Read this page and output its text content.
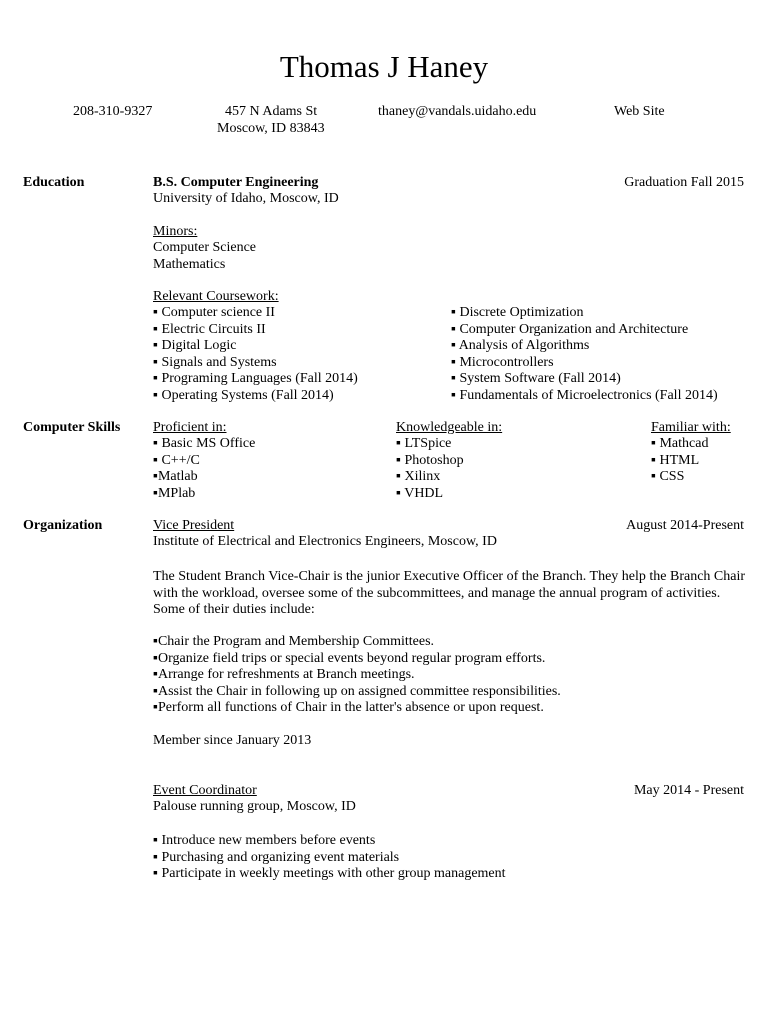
Thomas J Haney
208-310-9327	457 N Adams St
Moscow, ID 83843
thaney@vandals.uidaho.edu	Web Site
Education	B.S. Computer Engineering	Graduation Fall 2015
University of Idaho, Moscow, ID
Minors:
Computer Science
Mathematics
Relevant Coursework:
▪ Computer science II
▪ Electric Circuits II
▪ Digital Logic
▪ Signals and Systems
▪ Programing Languages (Fall 2014)
▪ Operating Systems (Fall 2014)
▪ Discrete Optimization
▪ Computer Organization and Architecture
▪ Analysis of Algorithms
▪ Microcontrollers
▪ System Software (Fall 2014)
▪ Fundamentals of Microelectronics (Fall 2014)
Computer Skills Proficient in:
▪ Basic MS Office
▪ C++/C
▪Matlab
▪MPlab
Knowledgeable in:
▪ LTSpice
▪ Photoshop
▪ Xilinx
▪ VHDL
Familiar with:
▪ Mathcad
▪ HTML
▪ CSS
Organization	Vice President	August 2014-Present
Institute of Electrical and Electronics Engineers, Moscow, ID
The Student Branch Vice-Chair is the junior Executive Officer of the Branch. They help the Branch Chair with the workload, oversee some of the subcommittees, and manage the annual program of activities. Some of their duties include:
▪Chair the Program and Membership Committees.
▪Organize field trips or special events beyond regular program efforts.
▪Arrange for refreshments at Branch meetings.
▪Assist the Chair in following up on assigned committee responsibilities.
▪Perform all functions of Chair in the latter's absence or upon request.
Member since January 2013
Event Coordinator	May 2014 - Present
Palouse running group, Moscow, ID
▪ Introduce new members before events
▪ Purchasing and organizing event materials
▪ Participate in weekly meetings with other group management
